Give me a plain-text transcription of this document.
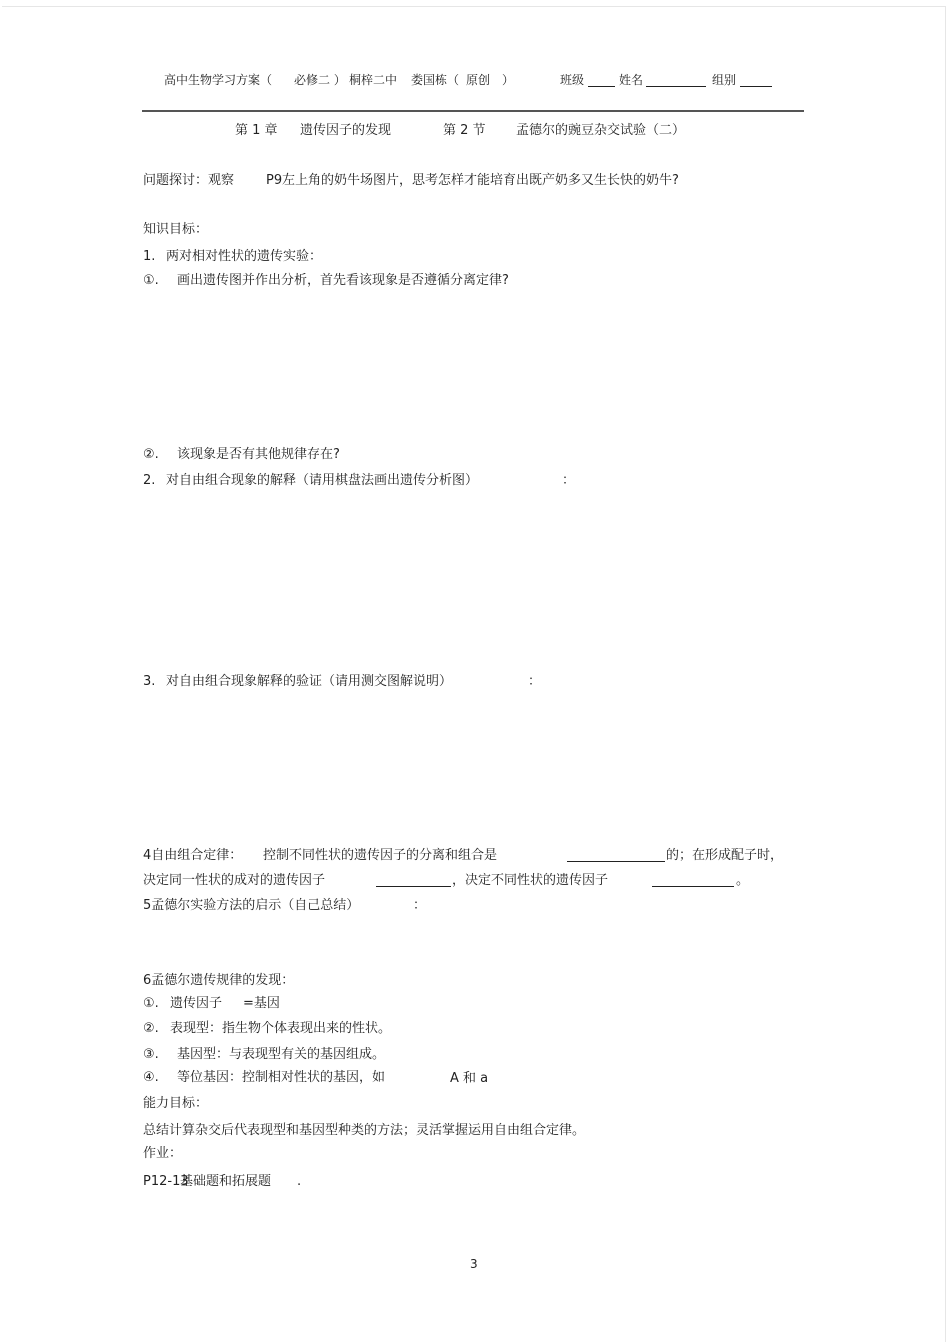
高中生物学习方案（ 必修二 ） 桐梓二中 娄国栋（ 原创 ）	班级	姓名	组别
第 1 章 遗传因子的发现	第 2 节 孟德尔的豌豆杂交试验（二）
问题探讨：观察 P9 左上角的奶牛场图片，思考怎样才能培育出既产奶多又生长快的奶牛?
知识目标：
1. 两对相对性状的遗传实验：
①. 画出遗传图并作出分析，首先看该现象是否遵循分离定律?
②. 该现象是否有其他规律存在?
2. 对自由组合现象的解释（请用棋盘法画出遗传分析图）	：
3. 对自由组合现象解释的验证（请用测交图解说明）	：
4自由组合定律： 控制不同性状的遗传因子的分离和组合是	的；在形成配子时，
决定同一性状的成对的遗传因子	，决定不同性状的遗传因子	。
5孟德尔实验方法的启示（自己总结）	：
6孟德尔遗传规律的发现：
①. 遗传因子 =基因
②. 表现型：指生物个体表现出来的性状。
③. 基因型：与表现型有关的基因组成。
④. 等位基因：控制相对性状的基因，如	A 和 a
能力目标：
总结计算杂交后代表现型和基因型种类的方法；灵活掌握运用自由组合定律。
作业：
P12-13
基础题和拓展题 .
3
